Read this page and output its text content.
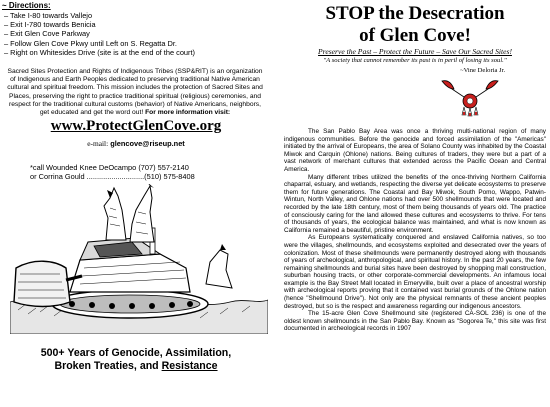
~ Directions:
– Take I-80 towards Vallejo
– Exit I-780 towards Benicia
– Exit Glen Cove Parkway
– Follow Glen Cove Pkwy until Left on S. Regatta Dr.
– Right on Whitesides Drive (site is at the end of the court)
Sacred Sites Protection and Rights of Indigenous Tribes (SSP&RIT) is an organization of Indigenous and Earth Peoples dedicated to preserving traditional Native American cultural and spiritual freedom. This mission includes the protection of Sacred Sites and Places, preserving the right to practice traditional spiritual (religious) ceremonies, and respect for the traditional cultural customs (behavior) of Native Americans, neighbors, get educated and get the word out! For more information visit:
www.ProtectGlenCove.org
e-mail: glencove@riseup.net
*call Wounded Knee DeOcampo (707) 557-2140
or Corrina Gould ............................(510) 575-8408
500+ Years of Genocide, Assimilation,
Broken Treaties, and Resistance
STOP the Desecration
of Glen Cove!
Preserve the Past – Protect the Future – Save Our Sacred Sites!
"A society that cannot remember its past is in peril of losing its soul."
~Vine Deloria Jr.

The San Pablo Bay Area was once a thriving multi-national region of many indigenous communities. Before the genocide and forced assimilation of the "Americas" initiated by the arrival of Europeans, the area of Solano County was inhabited by the Coastal Miwok and Carquin (Ohlone) nations. Being cultures of traders, they were but a part of a vast network of merchant cultures that extended across the Pacific Ocean and Central America.

Many different tribes utilized the benefits of the once-thriving Northern California chaparral, estuary, and wetlands, respecting the diverse yet delicate ecosystems to preserve them for future generations. The Coastal and Bay Miwok, South Pomo, Wappo, Patwin-Wintun, North Valley, and Ohlone nations had over 500 shellmounds that were located and recorded by the late 18th century, most of them being thousands of years old. The practice of consciously caring for the land allowed these cultures and ecosystems to thrive. For tens of thousands of years, the ecological balance was maintained, and what is now known as California remained a beautiful, pristine environment.

As Europeans systematically conquered and enslaved California natives, so too were the villages, shellmounds, and ecosystems exploited and desecrated over the years of colonization. Most of these shellmounds were permanently destroyed along with thousands of years of archeological, anthropological, and spiritual history. In the past 20 years, the few remaining shellmounds and burial sites have been destroyed by shopping mall construction, suburban housing tracts, or other corporate-commercial developments. An infamous local example is the Bay Street Mall located in Emeryville, built over a place of ancestral worship with archeological reports proving that it contained vast burial grounds of the Ohlone nation (hence "Shellmound Drive"). Not only are the physical remnants of these ancient peoples destroyed, but so is the respect and awareness regarding our indigenous ancestors.

The 15-acre Glen Cove Shellmound site (registered CA-SOL 236) is one of the oldest known shellmounds in the San Pablo Bay. Known as "Sogorea Te," this site was first documented in archeological records in 1907
